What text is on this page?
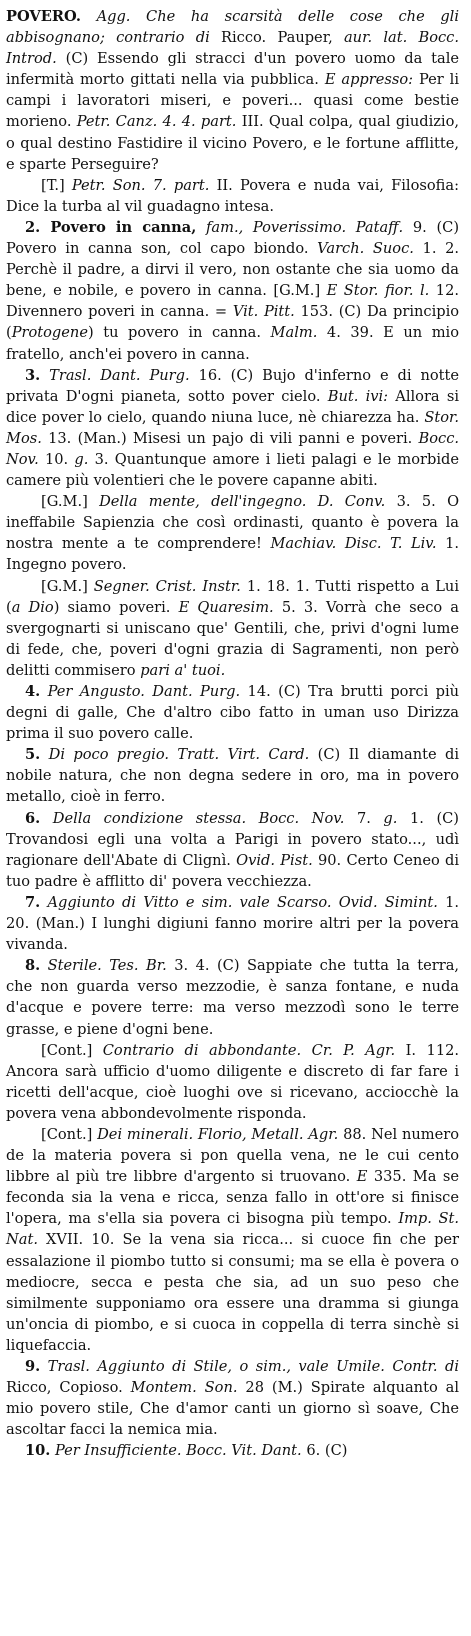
POVERO. Agg. Che ha scarsità delle cose che gli abbisognano; contrario di Ricco. Pauper, aur. lat. Bocc. Introd. (C) Essendo gli stracci d'un povero uomo da tale infermità morto gittati nella via pubblica. E appresso: Per li campi i lavoratori miseri, e poveri... quasi come bestie morieno. Petr. Canz. 4. 4. part. III. Qual colpa, qual giudizio, o qual destino Fastidire il vicino Povero, e le fortune afflitte, e sparte Perseguire?

[T.] Petr. Son. 7. part. II. Povera e nuda vai, Filosofia: Dice la turba al vil guadagno intesa.

2. Povero in canna, fam., Poverissimo. Pataff. 9. (C) Povero in canna son, col capo biondo. Varch. Suoc. 1. 2. Perchè il padre, a dirvi il vero, non ostante che sia uomo da bene, e nobile, e povero in canna. [G.M.] E Stor. fior. l. 12. Divennero poveri in canna. = Vit. Pitt. 153. (C) Da principio (Protogene) tu povero in canna. Malm. 4. 39. E un mio fratello, anch'ei povero in canna.

3. Trasl. Dant. Purg. 16. (C) Bujo d'inferno e di notte privata D'ogni pianeta, sotto pover cielo. But. ivi: Allora si dice pover lo cielo, quando niuna luce, nè chiarezza ha. Stor. Mos. 13. (Man.) Misesi un pajo di vili panni e poveri. Bocc. Nov. 10. g. 3. Quantunque amore i lieti palagi e le morbide camere più volentieri che le povere capanne abiti.

[G.M.] Della mente, dell'ingegno. D. Conv. 3. 5. O ineffabile Sapienzia che così ordinasti, quanto è povera la nostra mente a te comprendere! Machiav. Disc. T. Liv. 1. Ingegno povero.

[G.M.] Segner. Crist. Instr. 1. 18. 1. Tutti rispetto a Lui (a Dio) siamo poveri. E Quaresim. 5. 3. Vorrà che seco a svergognarti si uniscano que' Gentili, che, privi d'ogni lume di fede, che, poveri d'ogni grazia di Sagramenti, non però delitti commisero pari a' tuoi.

4. Per Angusto. Dant. Purg. 14. (C) Tra brutti porci più degni di galle, Che d'altro cibo fatto in uman uso Dirizza prima il suo povero calle.

5. Di poco pregio. Tratt. Virt. Card. (C) Il diamante di nobile natura, che non degna sedere in oro, ma in povero metallo, cioè in ferro.

6. Della condizione stessa. Bocc. Nov. 7. g. 1. (C) Trovandosi egli una volta a Parigi in povero stato..., udì ragionare dell'Abate di Clignì. Ovid. Pist. 90. Certo Ceneo di tuo padre è afflitto di' povera vecchiezza.

7. Aggiunto di Vitto e sim. vale Scarso. Ovid. Simint. 1. 20. (Man.) I lunghi digiuni fanno morire altri per la povera vivanda.

8. Sterile. Tes. Br. 3. 4. (C) Sappiate che tutta la terra, che non guarda verso mezzodie, è sanza fontane, e nuda d'acque e povere terre: ma verso mezzodì sono le terre grasse, e piene d'ogni bene.

[Cont.] Contrario di abbondante. Cr. P. Agr. I. 112. Ancora sarà ufficio d'uomo diligente e discreto di far fare i ricetti dell'acque, cioè luoghi ove si ricevano, acciocchè la povera vena abbondevolmente risponda.

[Cont.] Dei minerali. Florio, Metall. Agr. 88. Nel numero de la materia povera si pon quella vena, ne le cui cento libbre al più tre libbre d'argento si truovano. E 335. Ma se feconda sia la vena e ricca, senza fallo in ott'ore si finisce l'opera, ma s'ella sia povera ci bisogna più tempo. Imp. St. Nat. XVII. 10. Se la vena sia ricca... si cuoce fin che per essalazione il piombo tutto si consumi; ma se ella è povera o mediocre, secca e pesta che sia, ad un suo peso che similmente supponiamo ora essere una dramma si giunga un'oncia di piombo, e si cuoca in coppella di terra sinchè si liquefaccia.

9. Trasl. Aggiunto di Stile, o sim., vale Umile. Contr. di Ricco, Copioso. Montem. Son. 28 (M.) Spirate alquanto al mio povero stile, Che d'amor canti un giorno sì soave, Che ascoltar facci la nemica mia.

10. Per Insufficiente. Bocc. Vit. Dant. 6. (C)
